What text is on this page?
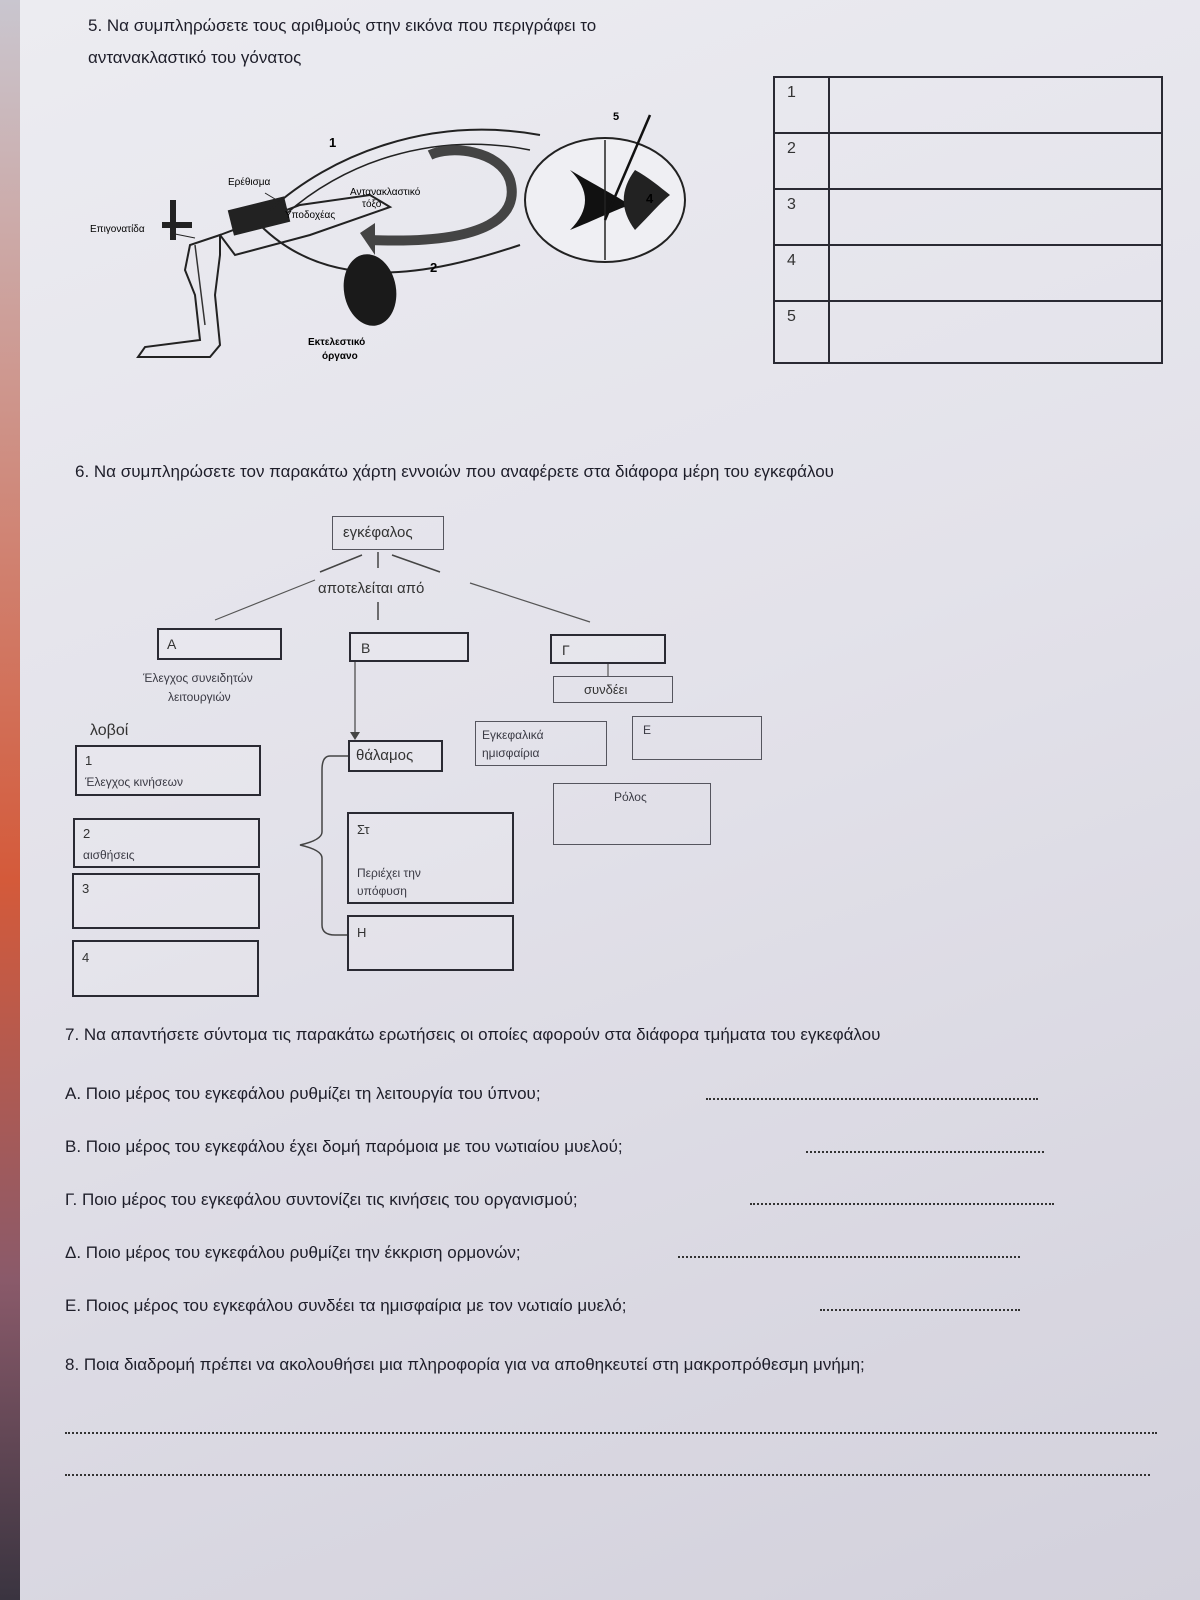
5. Να συμπληρώσετε τους αριθμούς στην εικόνα που περιγράφει το
αντανακλαστικό του γόνατος
1
2
4
5
Ερέθισμα
Επιγονατίδα
Υποδοχέας
Αντανακλαστικό
τόξο
Εκτελεστικό
όργανο
1
2
3
4
5
6. Να συμπληρώσετε τον παρακάτω χάρτη εννοιών που αναφέρετε στα διάφορα μέρη του εγκεφάλου
εγκέφαλος
αποτελείται από
Α
Έλεγχος συνειδητών
λειτουργιών
Β	Γ
συνδέει
λοβοί
1
Έλεγχος κινήσεων
2
αισθήσεις
3
4
θάλαμος
Στ
Περιέχει την
υπόφυση
Η
Εγκεφαλικά
ημισφαίρια
Ε
Ρόλος
7. Να απαντήσετε σύντομα τις παρακάτω ερωτήσεις οι οποίες αφορούν στα διάφορα τμήματα του εγκεφάλου
Α. Ποιο μέρος του εγκεφάλου ρυθμίζει τη λειτουργία του ύπνου;
Β. Ποιο μέρος του εγκεφάλου έχει δομή παρόμοια με του νωτιαίου μυελού;
Γ. Ποιο μέρος του εγκεφάλου συντονίζει τις κινήσεις του οργανισμού;
Δ. Ποιο μέρος του εγκεφάλου ρυθμίζει την έκκριση ορμονών;
Ε. Ποιος μέρος του εγκεφάλου συνδέει τα ημισφαίρια με τον νωτιαίο μυελό;
8. Ποια διαδρομή πρέπει να ακολουθήσει μια πληροφορία για να αποθηκευτεί στη μακροπρόθεσμη μνήμη;
